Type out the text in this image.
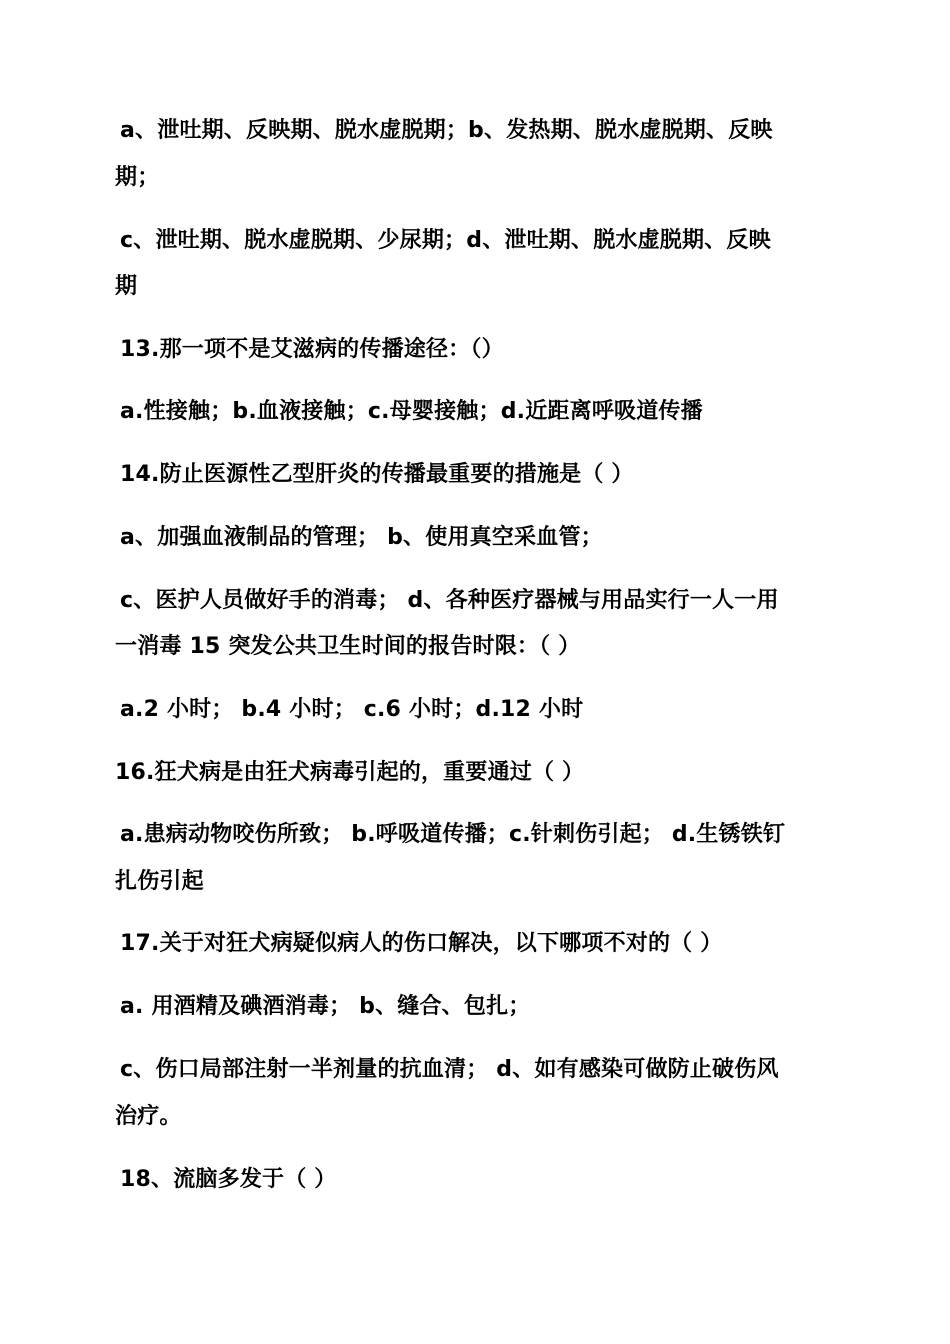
a、泄吐期、反映期、脱水虚脱期；b、发热期、脱水虚脱期、反映
期；
c、泄吐期、脱水虚脱期、少尿期；d、泄吐期、脱水虚脱期、反映
期
13.那一项不是艾滋病的传播途径：（）
a.性接触；b.血液接触；c.母婴接触；d.近距离呼吸道传播
14.防止医源性乙型肝炎的传播最重要的措施是（ ）
a、加强血液制品的管理； b、使用真空采血管；
c、医护人员做好手的消毒； d、各种医疗器械与用品实行一人一用
一消毒 15 突发公共卫生时间的报告时限：（ ）
a.2 小时； b.4 小时； c.6 小时；d.12 小时
16.狂犬病是由狂犬病毒引起的，重要通过（ ）
a.患病动物咬伤所致； b.呼吸道传播；c.针刺伤引起； d.生锈铁钉
扎伤引起
17.关于对狂犬病疑似病人的伤口解决，以下哪项不对的（ ）
a. 用酒精及碘酒消毒； b、缝合、包扎；
c、伤口局部注射一半剂量的抗血清； d、如有感染可做防止破伤风
治疗。
18、流脑多发于（ ）
